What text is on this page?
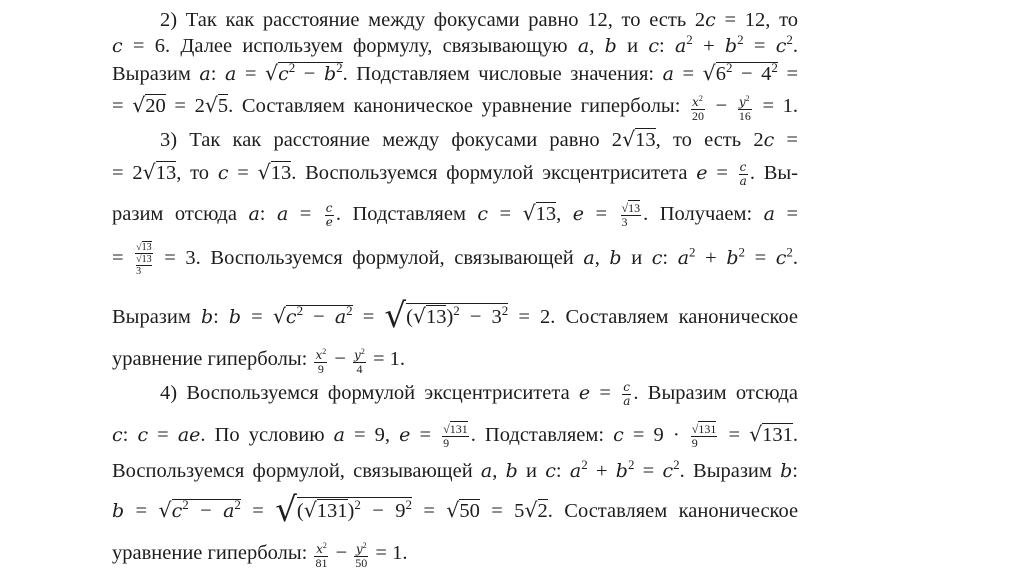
2) Так как расстояние между фокусами равно 12, то есть 2c = 12, то
c = 6. Далее используем формулу, связывающую a, b и c: $a^2 + b^2 = c^2$.
Выразим a: $a = √c^2 - b^2$. Подставляем числовые значения: $a = √6^2 - 4^2$ =
= √20 = 2√5. Составляем каноническое уравнение гиперболы: $\frac{x^2}{20} - \frac{y^2}{16} = 1$.
3) Так как расстояние между фокусами равно 2√13, то есть 2c =
= 2√13, то c = √13. Воспользуемся формулой эксцентриситета $e = \frac{c}{a}$ . Вы-
разим отсюда a: $a = \frac{c}{e}$ . Подставляем c = √13, $e = \frac{√13}{3}$ . Получаем: a =
= $\frac{√13}{\frac{√13}{3}} = 3$. Воспользуемся формулой, связывающей a, b и c: $a^2 + b^2 = c^2$.
Выразим b: $b = √c^2 - a^2 = √(√13)^2 - 3^2 = 2$. Составляем каноническое
уравнение гиперболы: $\frac{x^2}{9} - \frac{y^2}{4} = 1$.
4) Воспользуемся формулой эксцентриситета $e = \frac{c}{a}$ . Выразим отсюда
c: c = ae. По условию a = 9, $e = \frac{√131}{9}$ . Подставляем: $c = 9 \cdot \frac{√131}{9} = √131$.
Воспользуемся формулой, связывающей a, b и c: $a^2 + b^2 = c^2$. Выразим b:
$b = √c^2 - a^2 = √(√131)^2 - 9^2 = √50 = 5√2$. Составляем каноническое
уравнение гиперболы: $\frac{x^2}{81} - \frac{y^2}{50} = 1$.
